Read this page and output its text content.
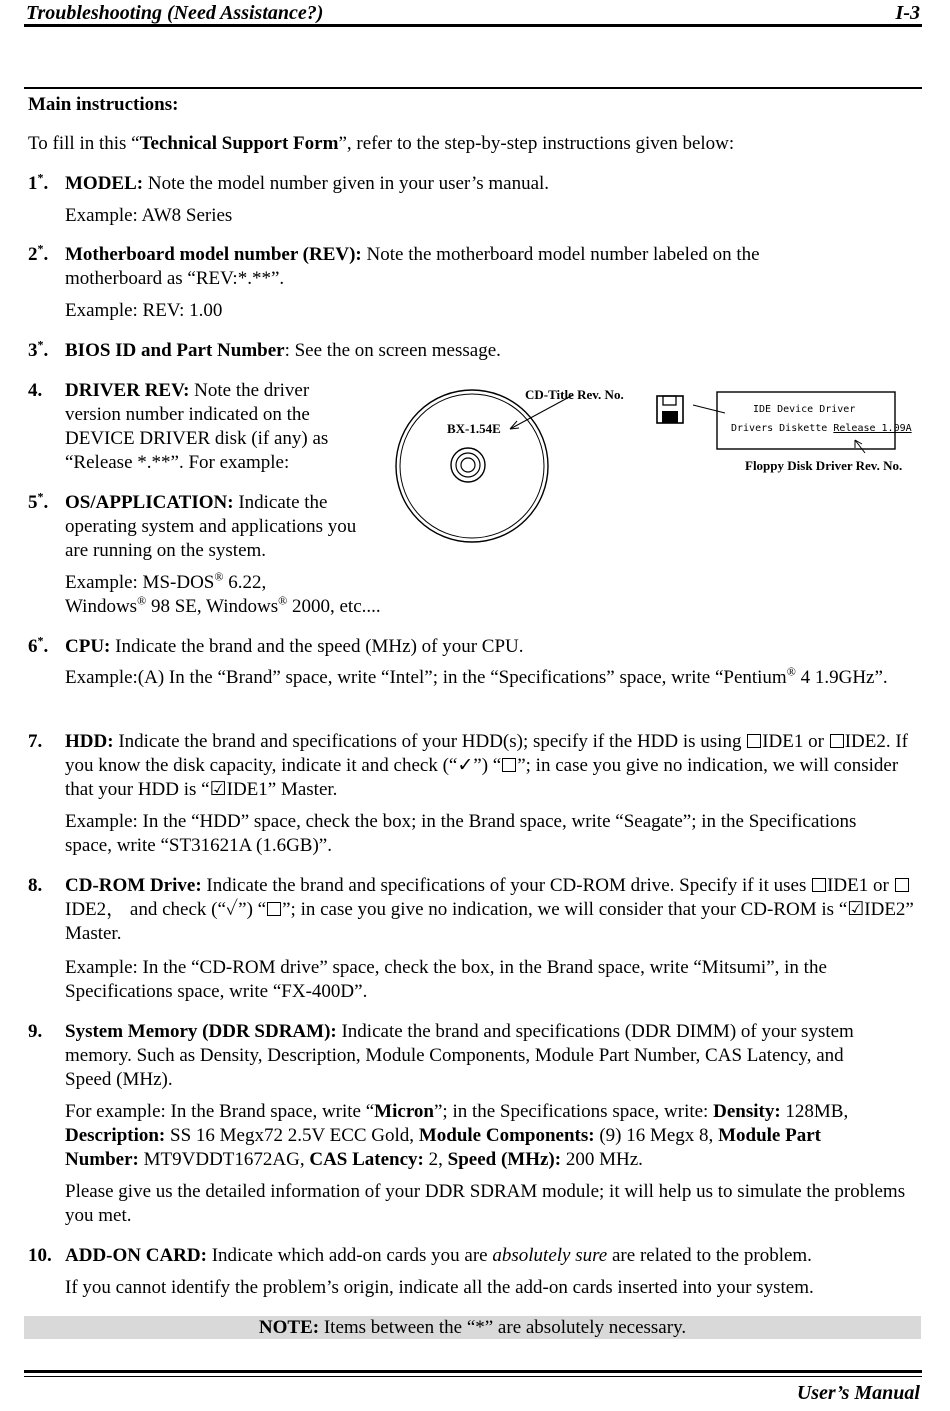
Troubleshooting (Need Assistance?)	I-3
Main instructions:
To fill in this “Technical Support Form”, refer to the step-by-step instructions given below:
1*. MODEL: Note the model number given in your user’s manual.
Example: AW8 Series
2*. Motherboard model number (REV): Note the motherboard model number labeled on the motherboard as “REV:*.**”.
Example: REV: 1.00
3*. BIOS ID and Part Number: See the on screen message.
4.	DRIVER REV: Note the driver version number indicated on the DEVICE DRIVER disk (if any) as “Release *.**”. For example:
BX-1.54E
CD-Title Rev. No.
IDE Device Driver
Drivers Diskette Release 1.09A
Floppy Disk Driver Rev. No.
5*. OS/APPLICATION: Indicate the operating system and applications you are running on the system.
Example: MS-DOS® 6.22,
Windows® 98 SE, Windows® 2000, etc....
6*. CPU: Indicate the brand and the speed (MHz) of your CPU.
Example:(A) In the “Brand” space, write “Intel”; in the “Specifications” space, write “Pentium® 4 1.9GHz”.
7.	HDD: Indicate the brand and specifications of your HDD(s); specify if the HDD is using IDE1 or IDE2. If you know the disk capacity, indicate it and check (“✓”) “ ”; in case you give no indication, we will consider that your HDD is “☑IDE1” Master.
Example: In the “HDD” space, check the box; in the Brand space, write “Seagate”; in the Specifications space, write “ST31621A (1.6GB)”.
8.	CD-ROM Drive: Indicate the brand and specifications of your CD-ROM drive. Specify if it uses IDE1 or IDE2， and check (“✓”) “ ”; in case you give no indication, we will consider that your CD-ROM is “☑IDE2” Master.
Example: In the “CD-ROM drive” space, check the box, in the Brand space, write “Mitsumi”, in the Specifications space, write “FX-400D”.
9.	System Memory (DDR SDRAM): Indicate the brand and specifications (DDR DIMM) of your system memory. Such as Density, Description, Module Components, Module Part Number, CAS Latency, and Speed (MHz).
For example: In the Brand space, write “Micron”; in the Specifications space, write: Density: 128MB, Description: SS 16 Megx72 2.5V ECC Gold, Module Components: (9) 16 Megx 8, Module Part Number: MT9VDDT1672AG, CAS Latency: 2, Speed (MHz): 200 MHz.
Please give us the detailed information of your DDR SDRAM module; it will help us to simulate the problems you met.
10. ADD-ON CARD: Indicate which add-on cards you are absolutely sure are related to the problem.
If you cannot identify the problem’s origin, indicate all the add-on cards inserted into your system.
NOTE: Items between the “*” are absolutely necessary.
User’s Manual
